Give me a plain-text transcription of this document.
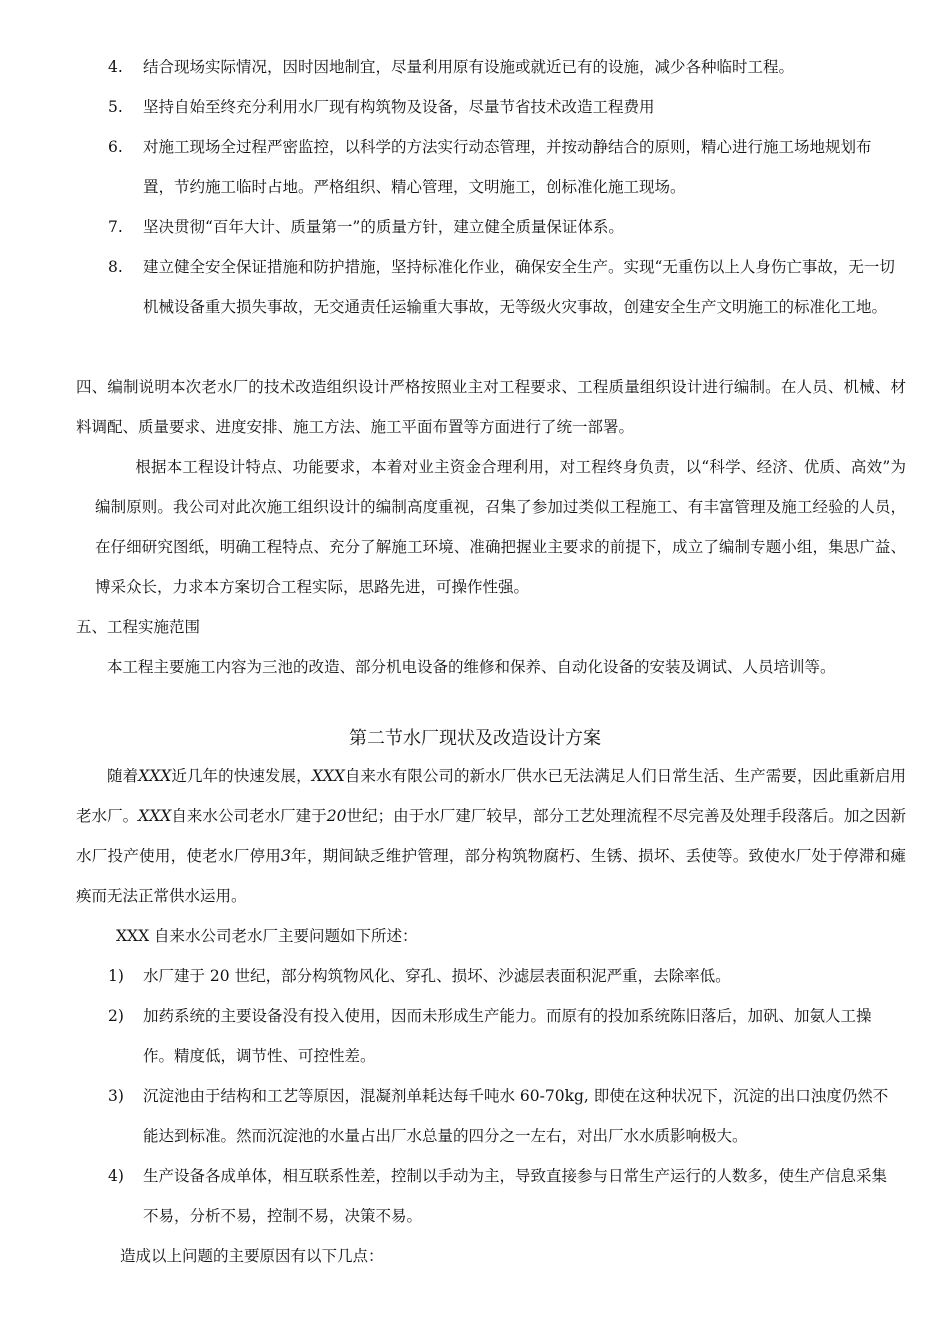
4.	结合现场实际情况，因时因地制宜，尽量利用原有设施或就近已有的设施，减少各种临时工程。
5.	坚持自始至终充分利用水厂现有构筑物及设备，尽量节省技术改造工程费用
6.	对施工现场全过程严密监控，以科学的方法实行动态管理，并按动静结合的原则，精心进行施工场地规划布置，节约施工临时占地。严格组织、精心管理，文明施工，创标准化施工现场。
7.	坚决贯彻“百年大计、质量第一”的质量方针，建立健全质量保证体系。
8.	建立健全安全保证措施和防护措施，坚持标准化作业，确保安全生产。实现“无重伤以上人身伤亡事故，无一切机械设备重大损失事故，无交通责任运输重大事故，无等级火灾事故，创建安全生产文明施工的标准化工地。
四、编制说明本次老水厂的技术改造组织设计严格按照业主对工程要求、工程质量组织设计进行编制。在人员、机械、材料调配、质量要求、进度安排、施工方法、施工平面布置等方面进行了统一部署。
根据本工程设计特点、功能要求，本着对业主资金合理利用，对工程终身负责，以“科学、经济、优质、高效”为编制原则。我公司对此次施工组织设计的编制高度重视，召集了参加过类似工程施工、有丰富管理及施工经验的人员，在仔细研究图纸，明确工程特点、充分了解施工环境、准确把握业主要求的前提下，成立了编制专题小组，集思广益、博采众长，力求本方案切合工程实际，思路先进，可操作性强。
五、工程实施范围
本工程主要施工内容为三池的改造、部分机电设备的维修和保养、自动化设备的安装及调试、人员培训等。
第二节水厂现状及改造设计方案
随着XXX近几年的快速发展，XXX自来水有限公司的新水厂供水已无法满足人们日常生活、生产需要，因此重新启用老水厂。XXX自来水公司老水厂建于20世纪；由于水厂建厂较早，部分工艺处理流程不尽完善及处理手段落后。加之因新水厂投产使用，使老水厂停用3年，期间缺乏维护管理，部分构筑物腐朽、生锈、损坏、丢使等。致使水厂处于停滞和瘫痪而无法正常供水运用。
XXX 自来水公司老水厂主要问题如下所述：
1)	水厂建于 20 世纪，部分构筑物风化、穿孔、损坏、沙滤层表面积泥严重，去除率低。
2)	加药系统的主要设备没有投入使用，因而未形成生产能力。而原有的投加系统陈旧落后，加矾、加氨人工操作。精度低，调节性、可控性差。
3)	沉淀池由于结构和工艺等原因，混凝剂单耗达每千吨水 60-70kg, 即使在这种状况下，沉淀的出口浊度仍然不能达到标准。然而沉淀池的水量占出厂水总量的四分之一左右，对出厂水水质影响极大。
4)	生产设备各成单体，相互联系性差，控制以手动为主，导致直接参与日常生产运行的人数多，使生产信息采集不易，分析不易，控制不易，决策不易。
造成以上问题的主要原因有以下几点：
